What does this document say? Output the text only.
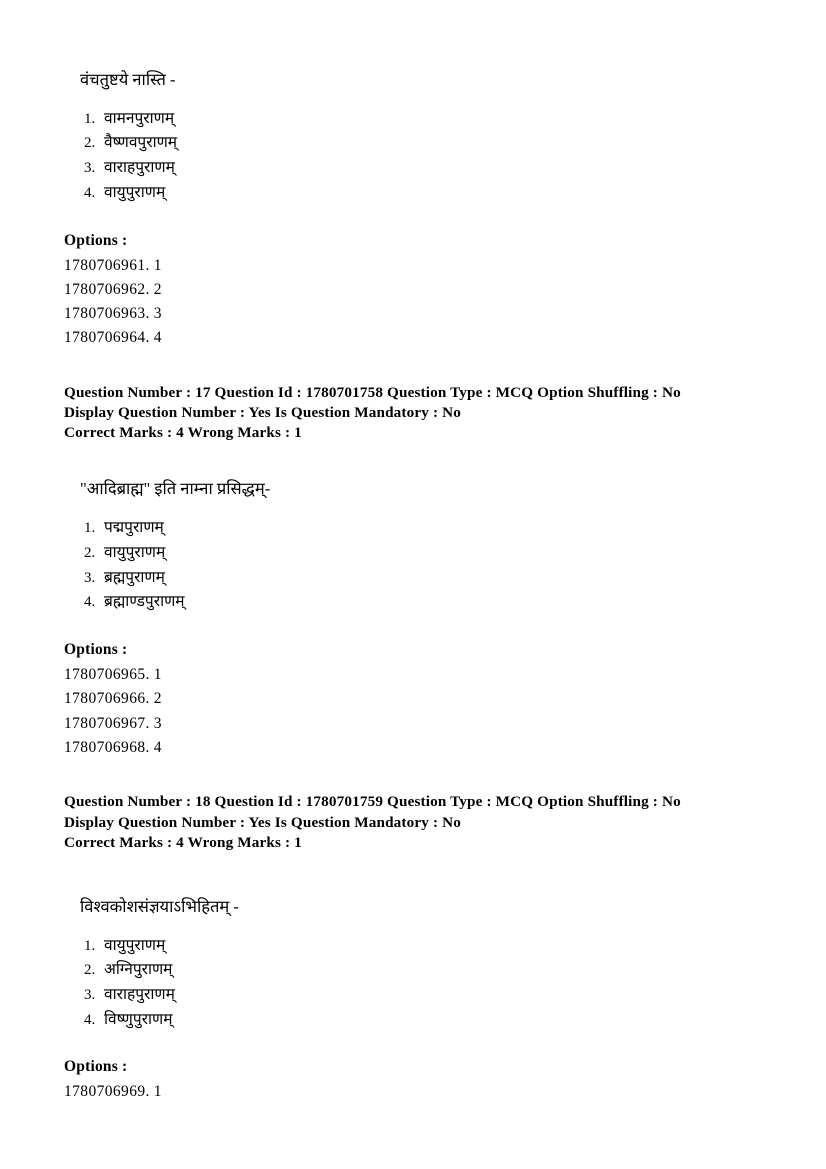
वंचतुष्टये नास्ति -
1. वामनपुराणम्
2. वैष्णवपुराणम्
3. वाराहपुराणम्
4. वायुपुराणम्
Options :
1780706961. 1
1780706962. 2
1780706963. 3
1780706964. 4
Question Number : 17 Question Id : 1780701758 Question Type : MCQ Option Shuffling : No
Display Question Number : Yes Is Question Mandatory : No
Correct Marks : 4 Wrong Marks : 1
"आदिब्राह्म" इति नाम्ना प्रसिद्धम्-
1. पद्मपुराणम्
2. वायुपुराणम्
3. ब्रह्मपुराणम्
4. ब्रह्माण्डपुराणम्
Options :
1780706965. 1
1780706966. 2
1780706967. 3
1780706968. 4
Question Number : 18 Question Id : 1780701759 Question Type : MCQ Option Shuffling : No
Display Question Number : Yes Is Question Mandatory : No
Correct Marks : 4 Wrong Marks : 1
विश्वकोशसंज्ञयाऽभिहितम् -
1. वायुपुराणम्
2. अग्निपुराणम्
3. वाराहपुराणम्
4. विष्णुपुराणम्
Options :
1780706969. 1
